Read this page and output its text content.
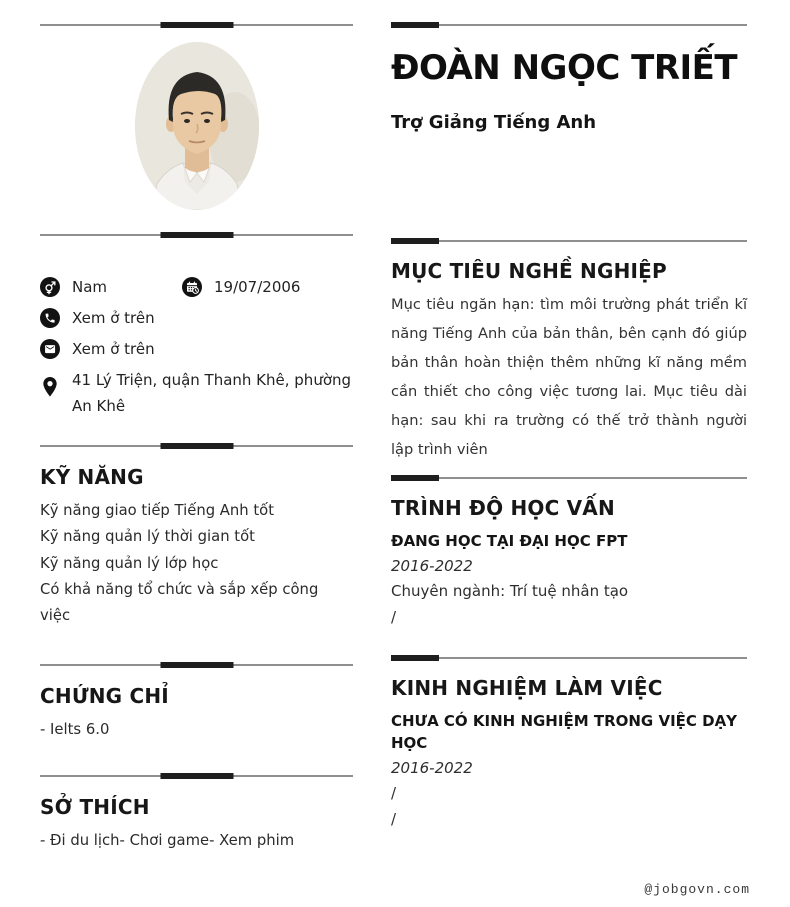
Nam	19/07/2006
Xem ở trên
Xem ở trên
41 Lý Triện, quận Thanh Khê, phường An Khê
KỸ NĂNG
Kỹ năng giao tiếp Tiếng Anh tốt
Kỹ năng quản lý thời gian tốt
Kỹ năng quản lý lớp học
Có khả năng tổ chức và sắp xếp công việc
CHỨNG CHỈ
- Ielts 6.0
SỞ THÍCH
- Đi du lịch- Chơi game- Xem phim
ĐOÀN NGỌC TRIẾT
Trợ Giảng Tiếng Anh
MỤC TIÊU NGHỀ NGHIỆP
Mục tiêu ngăn hạn: tìm môi trường phát triển kĩ năng Tiếng Anh của bản thân, bên cạnh đó giúp bản thân hoàn thiện thêm những kĩ năng mềm cần thiết cho công việc tương lai. Mục tiêu dài hạn: sau khi ra trường có thế trở thành người lập trình viên
TRÌNH ĐỘ HỌC VẤN
ĐANG HỌC TẠI ĐẠI HỌC FPT
2016-2022
Chuyên ngành: Trí tuệ nhân tạo
/
KINH NGHIỆM LÀM VIỆC
CHƯA CÓ KINH NGHIỆM TRONG VIỆC DẠY HỌC
2016-2022
/
/
@jobgovn.com
